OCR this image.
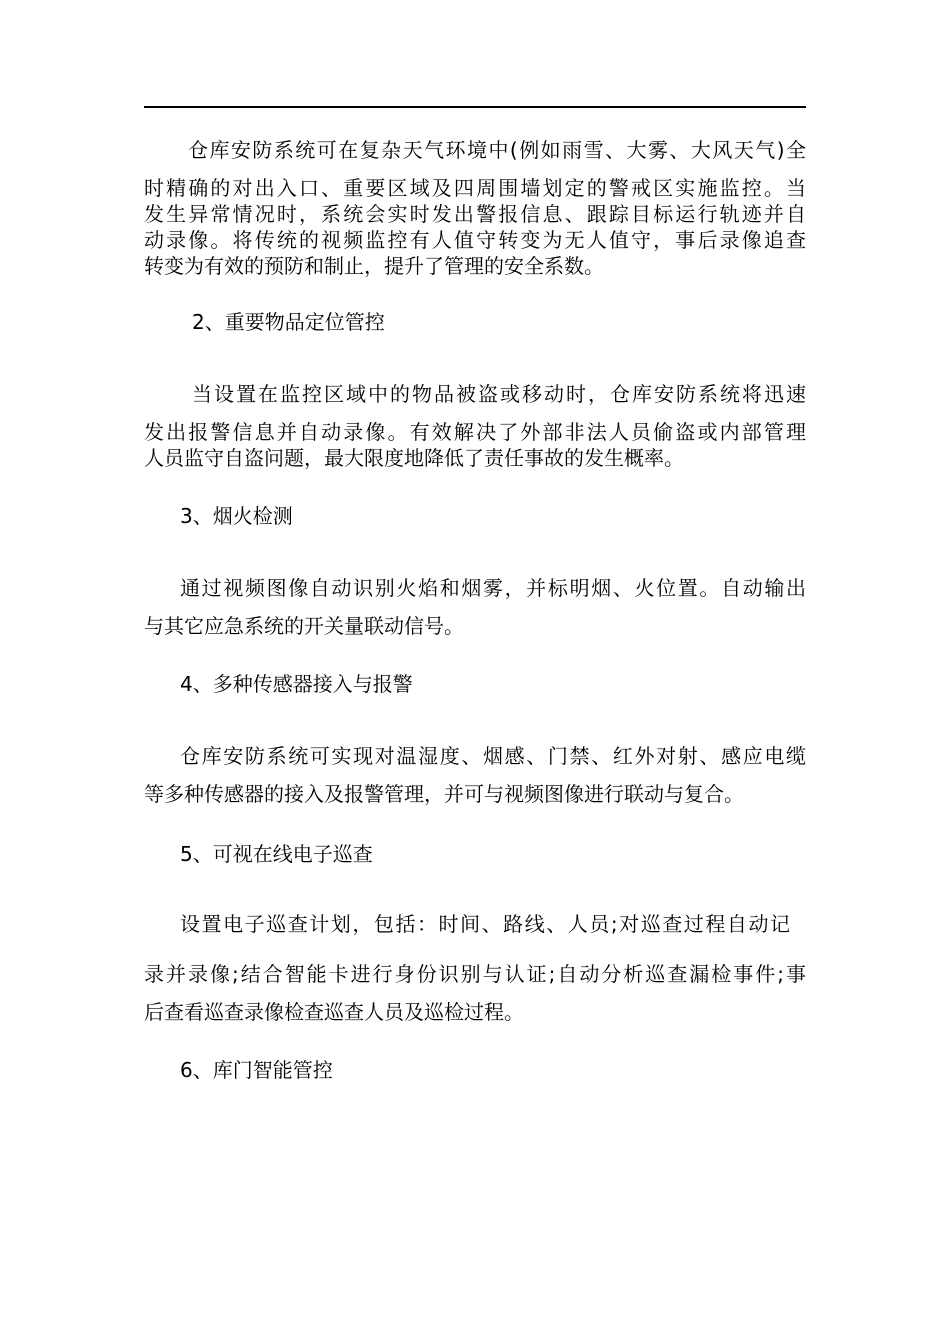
仓库安防系统可在复杂天气环境中(例如雨雪、大雾、大风天气)全
时精确的对出入口、重要区域及四周围墙划定的警戒区实施监控。当
发生异常情况时，系统会实时发出警报信息、跟踪目标运行轨迹并自
动录像。将传统的视频监控有人值守转变为无人值守，事后录像追查
转变为有效的预防和制止，提升了管理的安全系数。
2、重要物品定位管控
当设置在监控区域中的物品被盗或移动时，仓库安防系统将迅速
发出报警信息并自动录像。有效解决了外部非法人员偷盗或内部管理
人员监守自盗问题，最大限度地降低了责任事故的发生概率。
3、烟火检测
通过视频图像自动识别火焰和烟雾，并标明烟、火位置。自动输出
与其它应急系统的开关量联动信号。
4、多种传感器接入与报警
仓库安防系统可实现对温湿度、烟感、门禁、红外对射、感应电缆
等多种传感器的接入及报警管理，并可与视频图像进行联动与复合。
5、可视在线电子巡查
设置电子巡查计划，包括：时间、路线、人员;对巡查过程自动记
录并录像;结合智能卡进行身份识别与认证;自动分析巡查漏检事件;事
后查看巡查录像检查巡查人员及巡检过程。
6、库门智能管控
